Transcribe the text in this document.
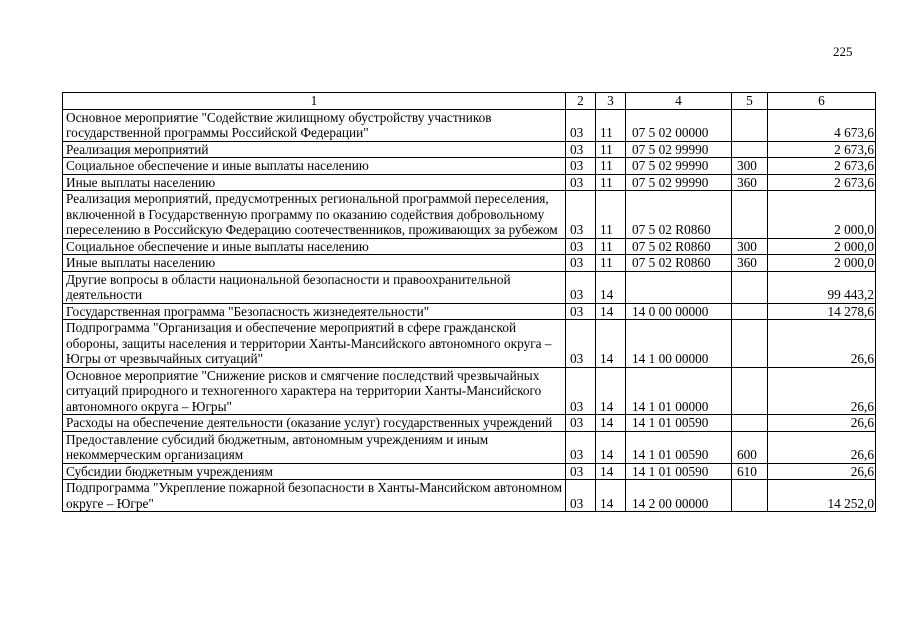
225
1	2	3	4	5	6
Основное мероприятие "Содействие жилищному обустройству участников государственной программы Российской Федерации"	03	11	07 5 02 00000		4 673,6
Реализация мероприятий	03	11	07 5 02 99990		2 673,6
Социальное обеспечение и иные выплаты населению	03	11	07 5 02 99990	300	2 673,6
Иные выплаты населению	03	11	07 5 02 99990	360	2 673,6
Реализация мероприятий, предусмотренных региональной программой переселения, включенной в Государственную программу по оказанию содействия добровольному переселению в Российскую Федерацию соотечественников, проживающих за рубежом	03	11	07 5 02 R0860		2 000,0
Социальное обеспечение и иные выплаты населению	03	11	07 5 02 R0860	300	2 000,0
Иные выплаты населению	03	11	07 5 02 R0860	360	2 000,0
Другие вопросы в области национальной безопасности и правоохранительной деятельности	03	14			99 443,2
Государственная программа "Безопасность жизнедеятельности"	03	14	14 0 00 00000		14 278,6
Подпрограмма "Организация и обеспечение мероприятий в сфере гражданской обороны, защиты населения и территории Ханты-Мансийского автономного округа – Югры от чрезвычайных ситуаций"	03	14	14 1 00 00000		26,6
Основное мероприятие "Снижение рисков и смягчение последствий чрезвычайных ситуаций природного и техногенного характера на территории Ханты-Мансийского автономного округа – Югры"	03	14	14 1 01 00000		26,6
Расходы на обеспечение деятельности (оказание услуг) государственных учреждений	03	14	14 1 01 00590		26,6
Предоставление субсидий бюджетным, автономным учреждениям и иным некоммерческим организациям	03	14	14 1 01 00590	600	26,6
Субсидии бюджетным учреждениям	03	14	14 1 01 00590	610	26,6
Подпрограмма "Укрепление пожарной безопасности в Ханты-Мансийском автономном округе – Югре"	03	14	14 2 00 00000		14 252,0
